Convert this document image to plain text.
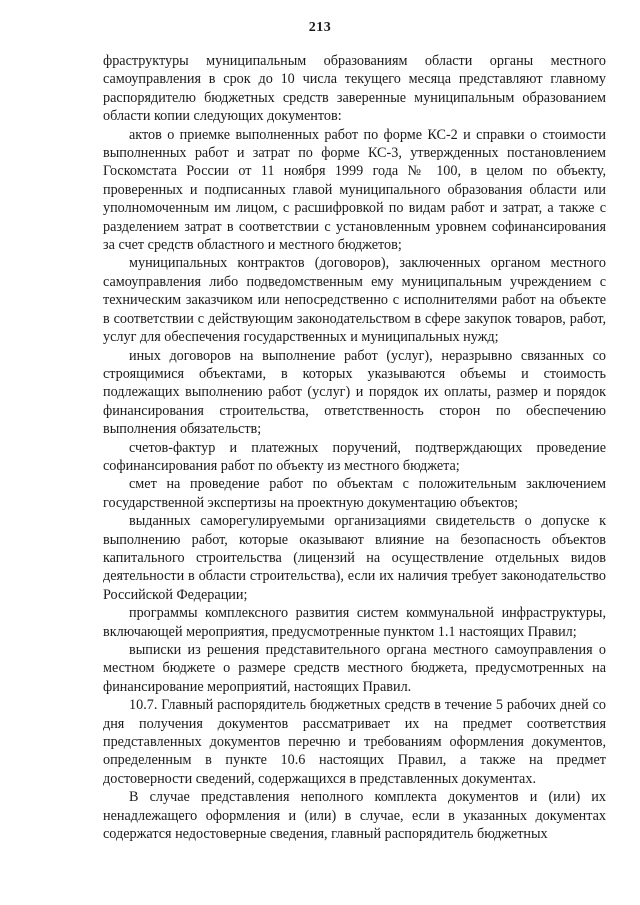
213

фраструктуры муниципальным образованиям области органы местного самоуправления в срок до 10 числа текущего месяца представляют главному распорядителю бюджетных средств заверенные муниципальным образованием области копии следующих документов:

актов о приемке выполненных работ по форме КС-2 и справки о стоимости выполненных работ и затрат по форме КС-3, утвержденных постановлением Госкомстата России от 11 ноября 1999 года № 100, в целом по объекту, проверенных и подписанных главой муниципального образования области или уполномоченным им лицом, с расшифровкой по видам работ и затрат, а также с разделением затрат в соответствии с установленным уровнем софинансирования за счет средств областного и местного бюджетов;

муниципальных контрактов (договоров), заключенных органом местного самоуправления либо подведомственным ему муниципальным учреждением с техническим заказчиком или непосредственно с исполнителями работ на объекте в соответствии с действующим законодательством в сфере закупок товаров, работ, услуг для обеспечения государственных и муниципальных нужд;

иных договоров на выполнение работ (услуг), неразрывно связанных со строящимися объектами, в которых указываются объемы и стоимость подлежащих выполнению работ (услуг) и порядок их оплаты, размер и порядок финансирования строительства, ответственность сторон по обеспечению выполнения обязательств;

счетов-фактур и платежных поручений, подтверждающих проведение софинансирования работ по объекту из местного бюджета;

смет на проведение работ по объектам с положительным заключением государственной экспертизы на проектную документацию объектов;

выданных саморегулируемыми организациями свидетельств о допуске к выполнению работ, которые оказывают влияние на безопасность объектов капитального строительства (лицензий на осуществление отдельных видов деятельности в области строительства), если их наличия требует законодательство Российской Федерации;

программы комплексного развития систем коммунальной инфраструктуры, включающей мероприятия, предусмотренные пунктом 1.1 настоящих Правил;

выписки из решения представительного органа местного самоуправления о местном бюджете о размере средств местного бюджета, предусмотренных на финансирование мероприятий, настоящих Правил.

10.7. Главный распорядитель бюджетных средств в течение 5 рабочих дней со дня получения документов рассматривает их на предмет соответствия представленных документов перечню и требованиям оформления документов, определенным в пункте 10.6 настоящих Правил, а также на предмет достоверности сведений, содержащихся в представленных документах.

В случае представления неполного комплекта документов и (или) их ненадлежащего оформления и (или) в случае, если в указанных документах содержатся недостоверные сведения, главный распорядитель бюджетных
